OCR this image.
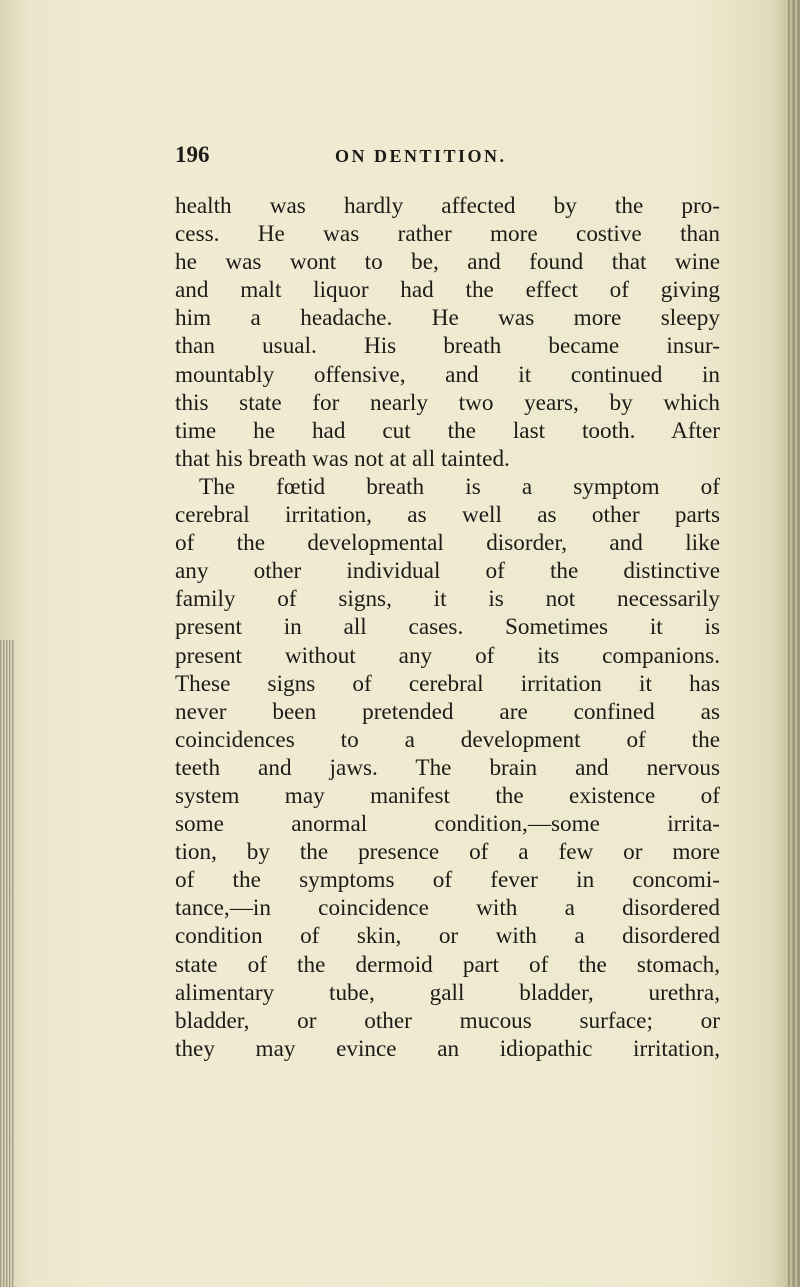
196	ON DENTITION.
health was hardly affected by the pro-
cess. He was rather more costive than
he was wont to be, and found that wine
and malt liquor had the effect of giving
him a headache. He was more sleepy
than usual. His breath became insur-
mountably offensive, and it continued in
this state for nearly two years, by which
time he had cut the last tooth. After
that his breath was not at all tainted.
The fœtid breath is a symptom of
cerebral irritation, as well as other parts
of the developmental disorder, and like
any other individual of the distinctive
family of signs, it is not necessarily
present in all cases. Sometimes it is
present without any of its companions.
These signs of cerebral irritation it has
never been pretended are confined as
coincidences to a development of the
teeth and jaws. The brain and nervous
system may manifest the existence of
some anormal condition,—some irrita-
tion, by the presence of a few or more
of the symptoms of fever in concomi-
tance,—in coincidence with a disordered
condition of skin, or with a disordered
state of the dermoid part of the stomach,
alimentary tube, gall bladder, urethra,
bladder, or other mucous surface; or
they may evince an idiopathic irritation,
